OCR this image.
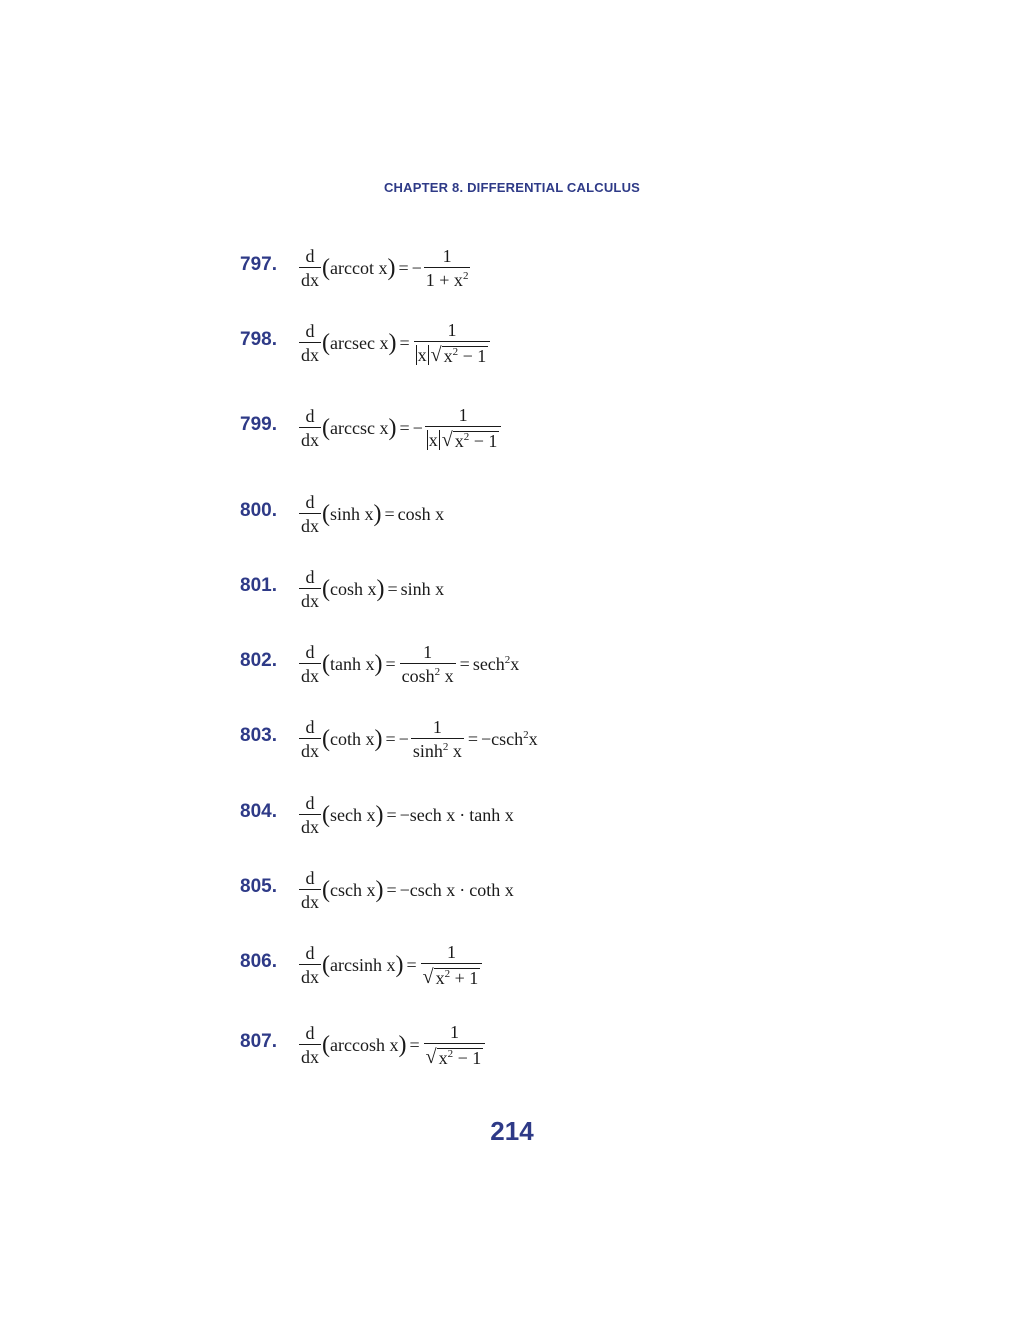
CHAPTER 8. DIFFERENTIAL CALCULUS
797. $\frac{d}{dx}$ ( arccot x ) = − $\frac{1}{1 + x^2}$
798. $\frac{d}{dx}$ ( arcsec x ) = $\frac{1}{x √ x^2 - 1}$
799. $\frac{d}{dx}$ ( arccsc x ) = − $\frac{1}{x √ x^2 - 1}$
800. $\frac{d}{dx}$ ( sinh x ) = cosh x
801. $\frac{d}{dx}$ ( cosh x ) = sinh x
802. $\frac{d}{dx}$ ( tanh x ) = $\frac{1}{\cosh^2 x} = \sec h^2x$
803. $\frac{d}{dx}$ ( coth x ) = − $\frac{1}{\sinh^2 x} = -\csc h^2x$
804. $\frac{d}{dx}$ ( sech x ) = −sech x · tanh x
805. $\frac{d}{dx}$ ( csch x ) = −csch x · coth x
806. $\frac{d}{dx}$ ( arcsinh x ) = $\frac{1}{√ x^2 + 1}$
807. $\frac{d}{dx}$ ( arccosh x ) = $\frac{1}{√ x^2 - 1}$
214
